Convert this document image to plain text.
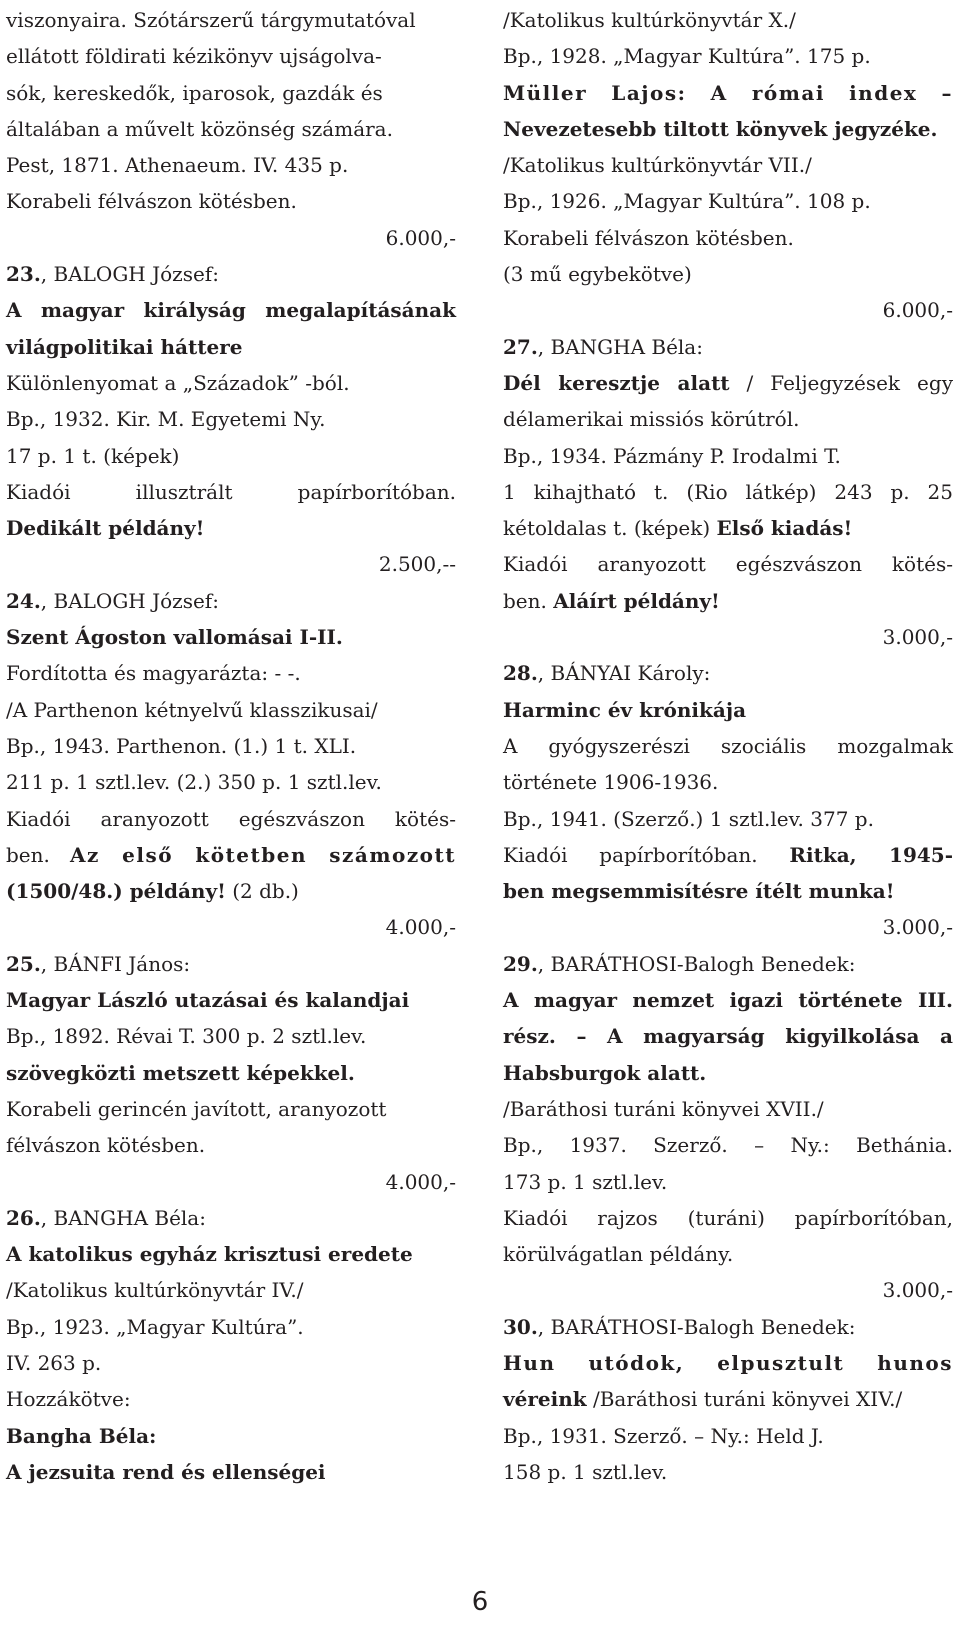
viszonyaira. Szótárszerű tárgymutatóval
ellátott földirati kézikönyv ujságolva-
sók, kereskedők, iparosok, gazdák és
általában a művelt közönség számára.
Pest, 1871. Athenaeum. IV. 435 p.
Korabeli félvászon kötésben.
6.000,-
23., BALOGH József:
A magyar királyság megalapításának
világpolitikai háttere
Különlenyomat a „Századok” -ból.
Bp., 1932. Kir. M. Egyetemi Ny.
17 p. 1 t. (képek)
Kiadói illusztrált papírborítóban.
Dedikált példány!
2.500,--
24., BALOGH József:
Szent Ágoston vallomásai I-II.
Fordította és magyarázta: - -.
/A Parthenon kétnyelvű klasszikusai/
Bp., 1943. Parthenon. (1.) 1 t. XLI.
211 p. 1 sztl.lev. (2.) 350 p. 1 sztl.lev.
Kiadói aranyozott egészvászon kötés-
ben. Az első kötetben számozott
(1500/48.) példány! (2 db.)
4.000,-
25., BÁNFI János:
Magyar László utazásai és kalandjai
Bp., 1892. Révai T. 300 p. 2 sztl.lev.
szövegközti metszett képekkel.
Korabeli gerincén javított, aranyozott
félvászon kötésben.
4.000,-
26., BANGHA Béla:
A katolikus egyház krisztusi eredete
/Katolikus kultúrkönyvtár IV./
Bp., 1923. „Magyar Kultúra”.
IV. 263 p.
Hozzákötve:
Bangha Béla:
A jezsuita rend és ellenségei
/Katolikus kultúrkönyvtár X./
Bp., 1928. „Magyar Kultúra”. 175 p.
Müller Lajos: A római index –
Nevezetesebb tiltott könyvek jegyzéke.
/Katolikus kultúrkönyvtár VII./
Bp., 1926. „Magyar Kultúra”. 108 p.
Korabeli félvászon kötésben.
(3 mű egybekötve)
6.000,-
27., BANGHA Béla:
Dél keresztje alatt / Feljegyzések egy
délamerikai missiós körútról.
Bp., 1934. Pázmány P. Irodalmi T.
1 kihajtható t. (Rio látkép) 243 p. 25
kétoldalas t. (képek) Első kiadás!
Kiadói aranyozott egészvászon kötés-
ben. Aláírt példány!
3.000,-
28., BÁNYAI Károly:
Harminc év krónikája
A gyógyszerészi szociális mozgalmak
története 1906-1936.
Bp., 1941. (Szerző.) 1 sztl.lev. 377 p.
Kiadói papírborítóban. Ritka, 1945-
ben megsemmisítésre ítélt munka!
3.000,-
29., BARÁTHOSI-Balogh Benedek:
A magyar nemzet igazi története III.
rész. – A magyarság kigyilkolása a
Habsburgok alatt.
/Baráthosi turáni könyvei XVII./
Bp., 1937. Szerző. – Ny.: Bethánia.
173 p. 1 sztl.lev.
Kiadói rajzos (turáni) papírborítóban,
körülvágatlan példány.
3.000,-
30., BARÁTHOSI-Balogh Benedek:
Hun utódok, elpusztult hunos
véreink /Baráthosi turáni könyvei XIV./
Bp., 1931. Szerző. – Ny.: Held J.
158 p. 1 sztl.lev.
6
